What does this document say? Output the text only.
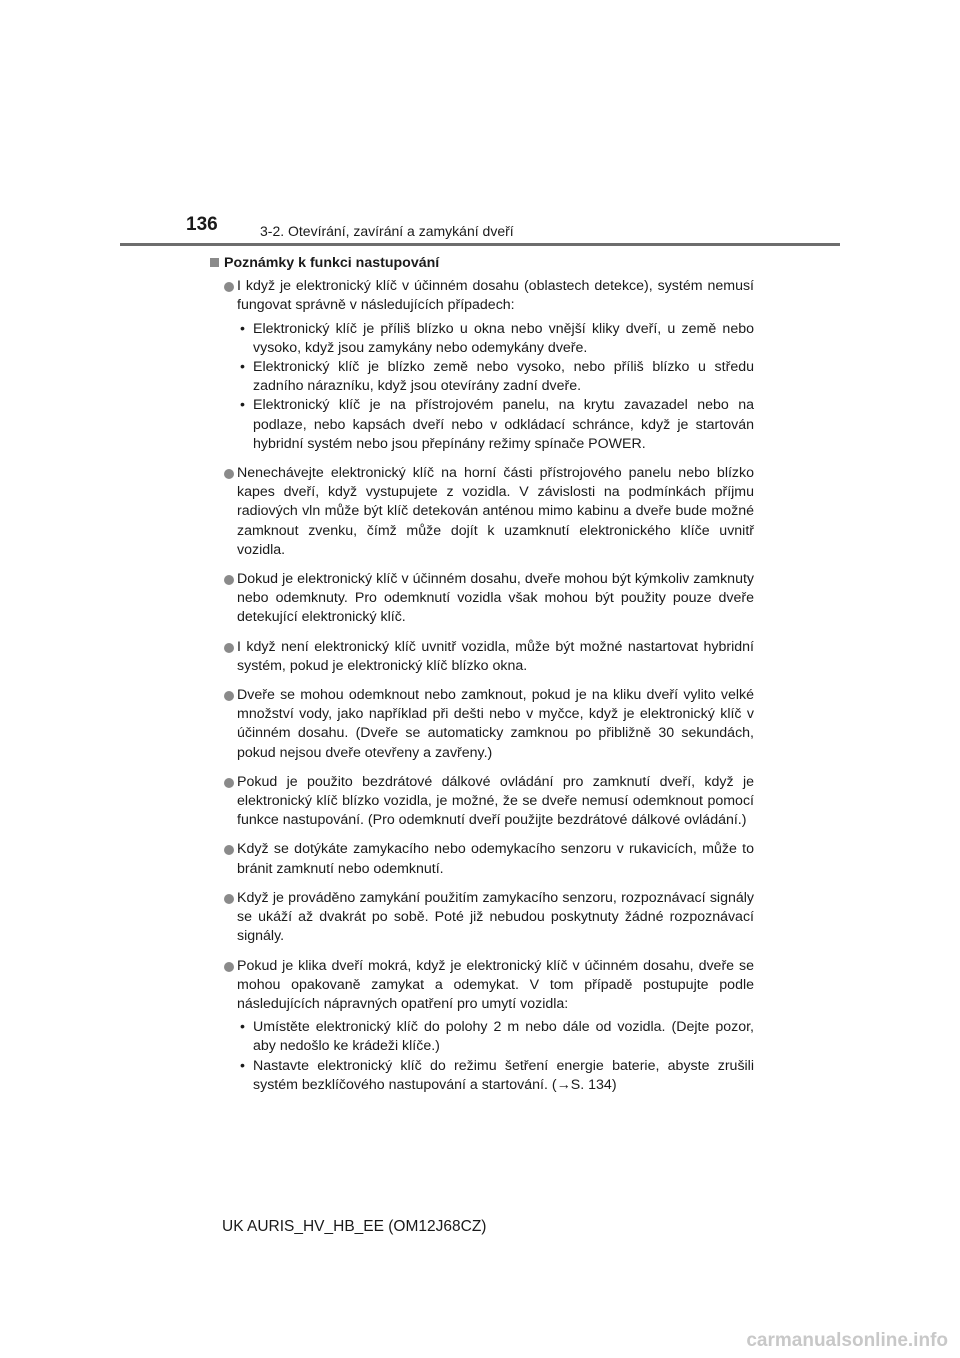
136	3-2. Otevírání, zavírání a zamykání dveří
Poznámky k funkci nastupování
I když je elektronický klíč v účinném dosahu (oblastech detekce), systém nemusí fungovat správně v následujících případech:
• Elektronický klíč je příliš blízko u okna nebo vnější kliky dveří, u země nebo vysoko, když jsou zamykány nebo odemykány dveře.
• Elektronický klíč je blízko země nebo vysoko, nebo příliš blízko u středu zadního nárazníku, když jsou otevírány zadní dveře.
• Elektronický klíč je na přístrojovém panelu, na krytu zavazadel nebo na podlaze, nebo kapsách dveří nebo v odkládací schránce, když je startován hybridní systém nebo jsou přepínány režimy spínače POWER.
Nenechávejte elektronický klíč na horní části přístrojového panelu nebo blízko kapes dveří, když vystupujete z vozidla. V závislosti na podmínkách příjmu radiových vln může být klíč detekován anténou mimo kabinu a dveře bude možné zamknout zvenku, čímž může dojít k uzamknutí elektronického klíče uvnitř vozidla.
Dokud je elektronický klíč v účinném dosahu, dveře mohou být kýmkoliv zamknuty nebo odemknuty. Pro odemknutí vozidla však mohou být použity pouze dveře detekující elektronický klíč.
I když není elektronický klíč uvnitř vozidla, může být možné nastartovat hybridní systém, pokud je elektronický klíč blízko okna.
Dveře se mohou odemknout nebo zamknout, pokud je na kliku dveří vylito velké množství vody, jako například při dešti nebo v myčce, když je elektronický klíč v účinném dosahu. (Dveře se automaticky zamknou po přibližně 30 sekundách, pokud nejsou dveře otevřeny a zavřeny.)
Pokud je použito bezdrátové dálkové ovládání pro zamknutí dveří, když je elektronický klíč blízko vozidla, je možné, že se dveře nemusí odemknout pomocí funkce nastupování. (Pro odemknutí dveří použijte bezdrátové dálkové ovládání.)
Když se dotýkáte zamykacího nebo odemykacího senzoru v rukavicích, může to bránit zamknutí nebo odemknutí.
Když je prováděno zamykání použitím zamykacího senzoru, rozpoznávací signály se ukáží až dvakrát po sobě. Poté již nebudou poskytnuty žádné rozpoznávací signály.
Pokud je klika dveří mokrá, když je elektronický klíč v účinném dosahu, dveře se mohou opakovaně zamykat a odemykat. V tom případě postupujte podle následujících nápravných opatření pro umytí vozidla:
• Umístěte elektronický klíč do polohy 2 m nebo dále od vozidla. (Dejte pozor, aby nedošlo ke krádeži klíče.)
• Nastavte elektronický klíč do režimu šetření energie baterie, abyste zrušili systém bezklíčového nastupování a startování. (→S. 134)
UK AURIS_HV_HB_EE (OM12J68CZ)
carmanualsonline.info
